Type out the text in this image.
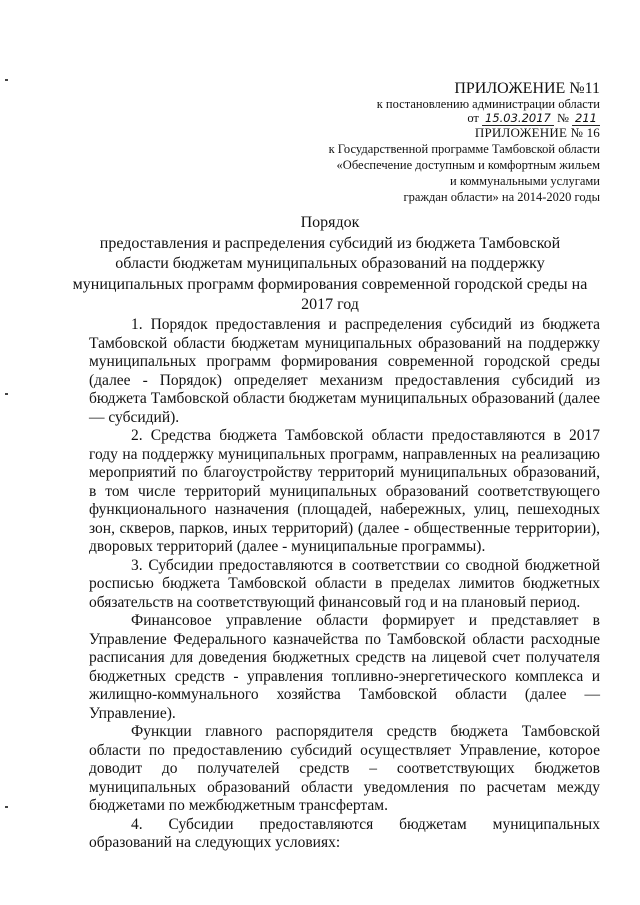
ПРИЛОЖЕНИЕ №11
к постановлению администрации области
от 15.03.2017 № 211
ПРИЛОЖЕНИЕ № 16
к Государственной программе Тамбовской области
«Обеспечение доступным и комфортным жильем
и коммунальными услугами
граждан области» на 2014-2020 годы
Порядок
предоставления и распределения субсидий из бюджета Тамбовской
области бюджетам муниципальных образований на поддержку
муниципальных программ формирования современной городской среды на
2017 год

1. Порядок предоставления и распределения субсидий из бюджета Тамбовской области бюджетам муниципальных образований на поддержку муниципальных программ формирования современной городской среды (далее - Порядок) определяет механизм предоставления субсидий из бюджета Тамбовской области бюджетам муниципальных образований (далее — субсидий).

2. Средства бюджета Тамбовской области предоставляются в 2017 году на поддержку муниципальных программ, направленных на реализацию мероприятий по благоустройству территорий муниципальных образований, в том числе территорий муниципальных образований соответствующего функционального назначения (площадей, набережных, улиц, пешеходных зон, скверов, парков, иных территорий) (далее - общественные территории), дворовых территорий (далее - муниципальные программы).

3. Субсидии предоставляются в соответствии со сводной бюджетной росписью бюджета Тамбовской области в пределах лимитов бюджетных обязательств на соответствующий финансовый год и на плановый период.

Финансовое управление области формирует и представляет в Управление Федерального казначейства по Тамбовской области расходные расписания для доведения бюджетных средств на лицевой счет получателя бюджетных средств - управления топливно-энергетического комплекса и жилищно-коммунального хозяйства Тамбовской области (далее — Управление).

Функции главного распорядителя средств бюджета Тамбовской области по предоставлению субсидий осуществляет Управление, которое доводит до получателей средств – соответствующих бюджетов муниципальных образований области уведомления по расчетам между бюджетами по межбюджетным трансфертам.

4. Субсидии предоставляются бюджетам муниципальных

образований на следующих условиях:
